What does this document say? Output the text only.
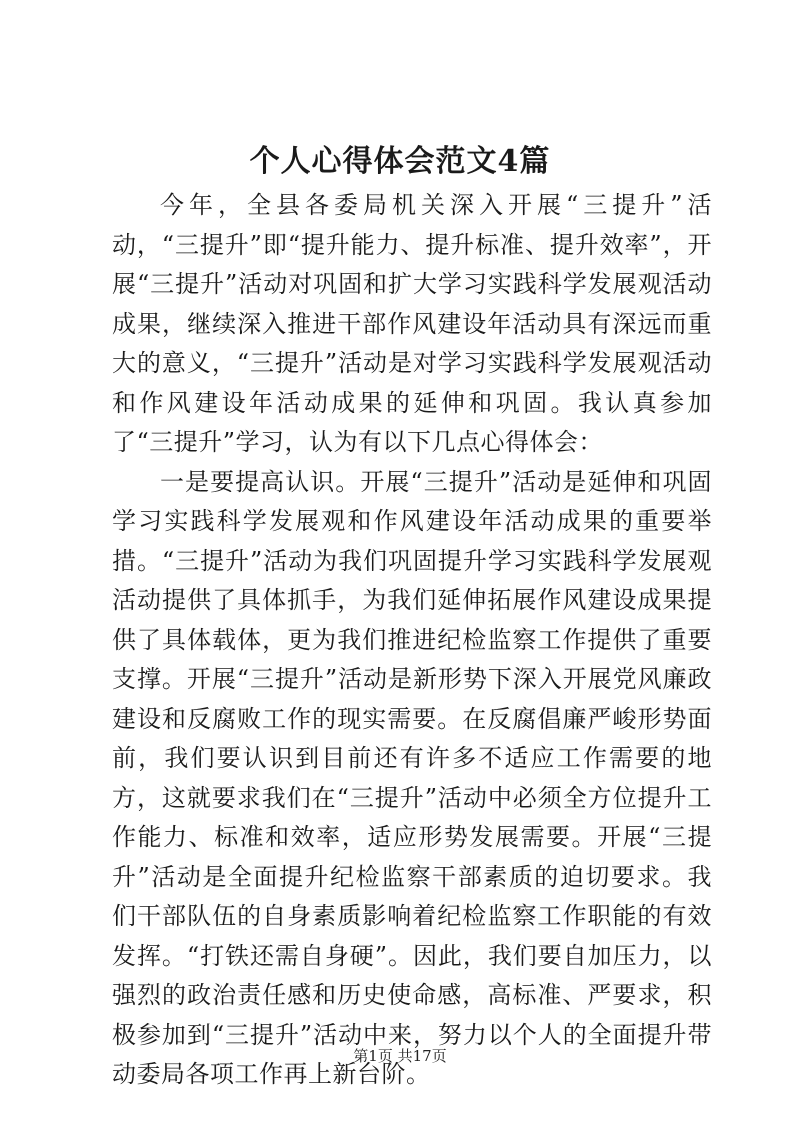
个人心得体会范文4篇

今年，全县各委局机关深入开展“三提升”活动，“三提升”即“提升能力、提升标准、提升效率”，开展“三提升”活动对巩固和扩大学习实践科学发展观活动成果，继续深入推进干部作风建设年活动具有深远而重大的意义，“三提升”活动是对学习实践科学发展观活动和作风建设年活动成果的延伸和巩固。我认真参加了“三提升”学习，认为有以下几点心得体会：

一是要提高认识。开展“三提升”活动是延伸和巩固学习实践科学发展观和作风建设年活动成果的重要举措。“三提升”活动为我们巩固提升学习实践科学发展观活动提供了具体抓手，为我们延伸拓展作风建设成果提供了具体载体，更为我们推进纪检监察工作提供了重要支撑。开展“三提升”活动是新形势下深入开展党风廉政建设和反腐败工作的现实需要。在反腐倡廉严峻形势面前，我们要认识到目前还有许多不适应工作需要的地方，这就要求我们在“三提升”活动中必须全方位提升工作能力、标准和效率，适应形势发展需要。开展“三提升”活动是全面提升纪检监察干部素质的迫切要求。我们干部队伍的自身素质影响着纪检监察工作职能的有效发挥。“打铁还需自身硬”。因此，我们要自加压力，以强烈的政治责任感和历史使命感，高标准、严要求，积极参加到“三提升”活动中来，努力以个人的全面提升带动委局各项工作再上新台阶。

第1页 共17页
